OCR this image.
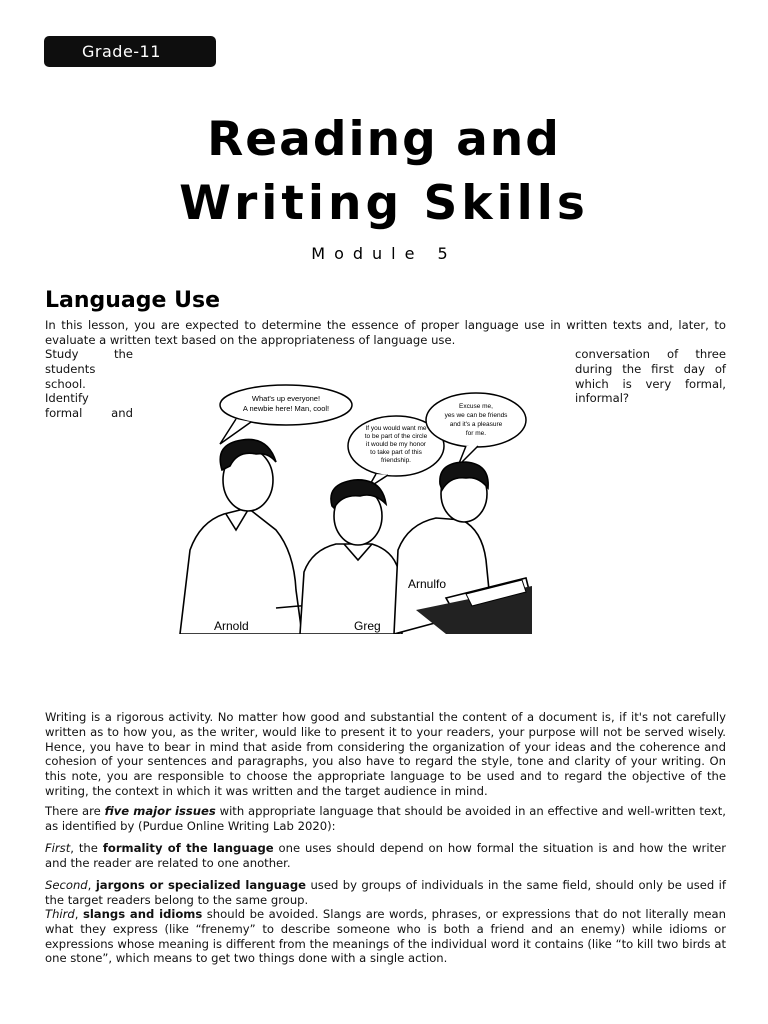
Grade-11
Reading and
Writing Skills
Module 5
Language Use
In this lesson, you are expected to determine the essence of proper language use in written texts and, later, to evaluate a written text based on the appropriateness of language use.
Study the
students
school. Identify
formal and
conversation of three
during the first day of
which is very formal,
informal?
What's up everyone!
A newbie here! Man, cool!
If you would want me
to be part of the circle
it would be my honor
to take part of this
friendship.
Excuse me,
yes we can be friends
and it's a pleasure
for me.
Arnold	Greg
Arnulfo
Writing is a rigorous activity. No matter how good and substantial the content of a document is, if it's not carefully written as to how you, as the writer, would like to present it to your readers, your purpose will not be served wisely. Hence, you have to bear in mind that aside from considering the organization of your ideas and the coherence and cohesion of your sentences and paragraphs, you also have to regard the style, tone and clarity of your writing. On this note, you are responsible to choose the appropriate language to be used and to regard the objective of the writing, the context in which it was written and the target audience in mind.
There are five major issues with appropriate language that should be avoided in an effective and well-written text, as identified by (Purdue Online Writing Lab 2020):
First, the formality of the language one uses should depend on how formal the situation is and how the writer and the reader are related to one another.
Second, jargons or specialized language used by groups of individuals in the same field, should only be used if the target readers belong to the same group.
Third, slangs and idioms should be avoided. Slangs are words, phrases, or expressions that do not literally mean what they express (like “frenemy” to describe someone who is both a friend and an enemy) while idioms or expressions whose meaning is different from the meanings of the individual word it contains (like “to kill two birds at one stone”, which means to get two things done with a single action.
